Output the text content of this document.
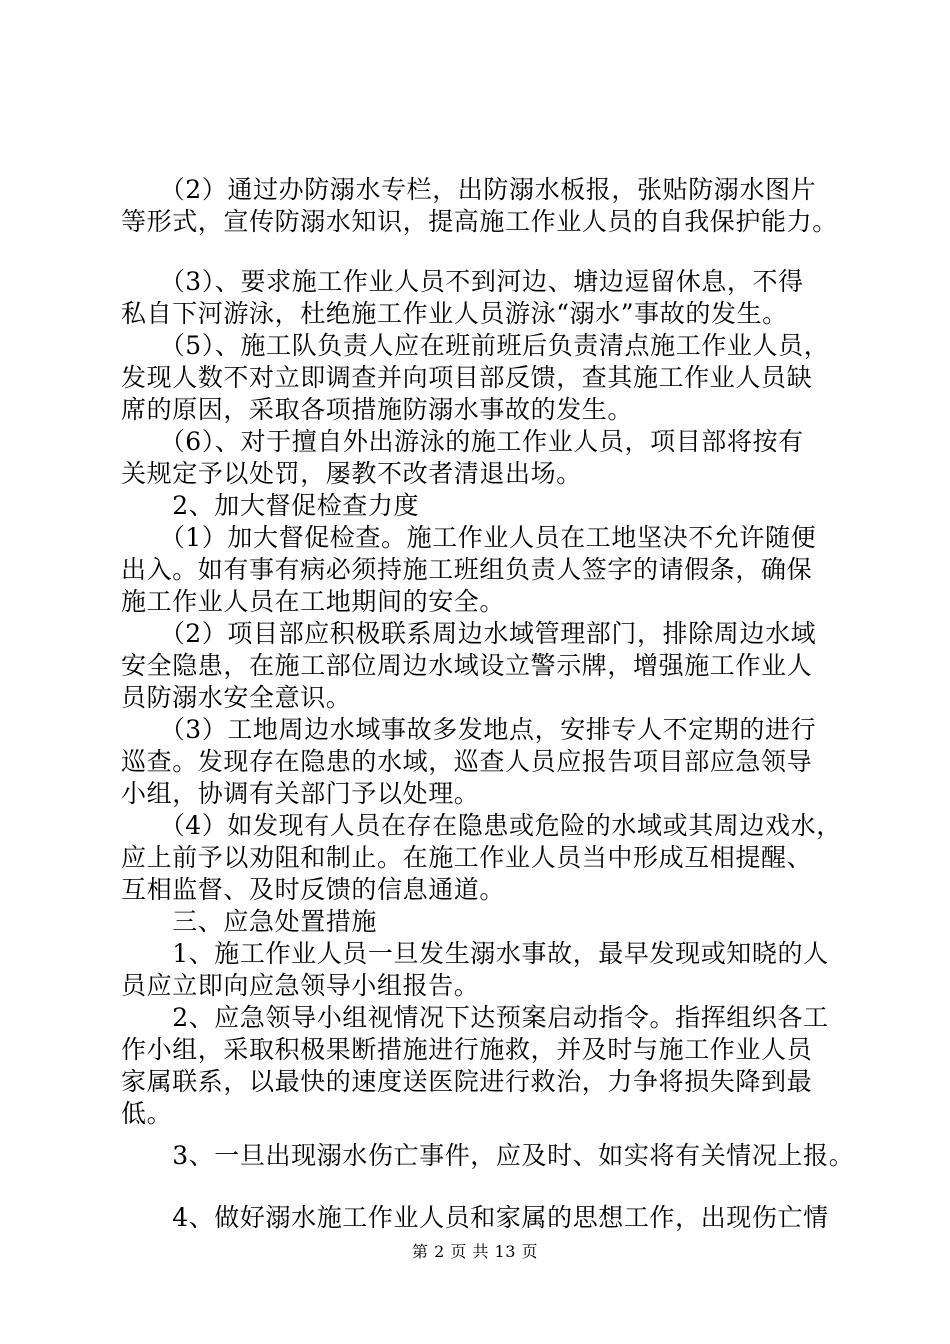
　　（2）通过办防溺水专栏，出防溺水板报，张贴防溺水图片
等形式，宣传防溺水知识，提高施工作业人员的自我保护能力。
　　（3）、要求施工作业人员不到河边、塘边逗留休息，不得
私自下河游泳，杜绝施工作业人员游泳“溺水”事故的发生。
　　（5）、施工队负责人应在班前班后负责清点施工作业人员，
发现人数不对立即调查并向项目部反馈，查其施工作业人员缺
席的原因，采取各项措施防溺水事故的发生。
　　（6）、对于擅自外出游泳的施工作业人员，项目部将按有
关规定予以处罚，屡教不改者清退出场。
　　2、加大督促检查力度
　　（1）加大督促检查。施工作业人员在工地坚决不允许随便
出入。如有事有病必须持施工班组负责人签字的请假条，确保
施工作业人员在工地期间的安全。
　　（2）项目部应积极联系周边水域管理部门，排除周边水域
安全隐患，在施工部位周边水域设立警示牌，增强施工作业人
员防溺水安全意识。
　　（3）工地周边水域事故多发地点，安排专人不定期的进行
巡查。发现存在隐患的水域，巡查人员应报告项目部应急领导
小组，协调有关部门予以处理。
　　（4）如发现有人员在存在隐患或危险的水域或其周边戏水，
应上前予以劝阻和制止。在施工作业人员当中形成互相提醒、
互相监督、及时反馈的信息通道。
　　三、应急处置措施
　　1、施工作业人员一旦发生溺水事故，最早发现或知晓的人
员应立即向应急领导小组报告。
　　2、应急领导小组视情况下达预案启动指令。指挥组织各工
作小组，采取积极果断措施进行施救，并及时与施工作业人员
家属联系，以最快的速度送医院进行救治，力争将损失降到最
低。
　　3、一旦出现溺水伤亡事件，应及时、如实将有关情况上报。
　　4、做好溺水施工作业人员和家属的思想工作，出现伤亡情
第 2 页 共 13 页
